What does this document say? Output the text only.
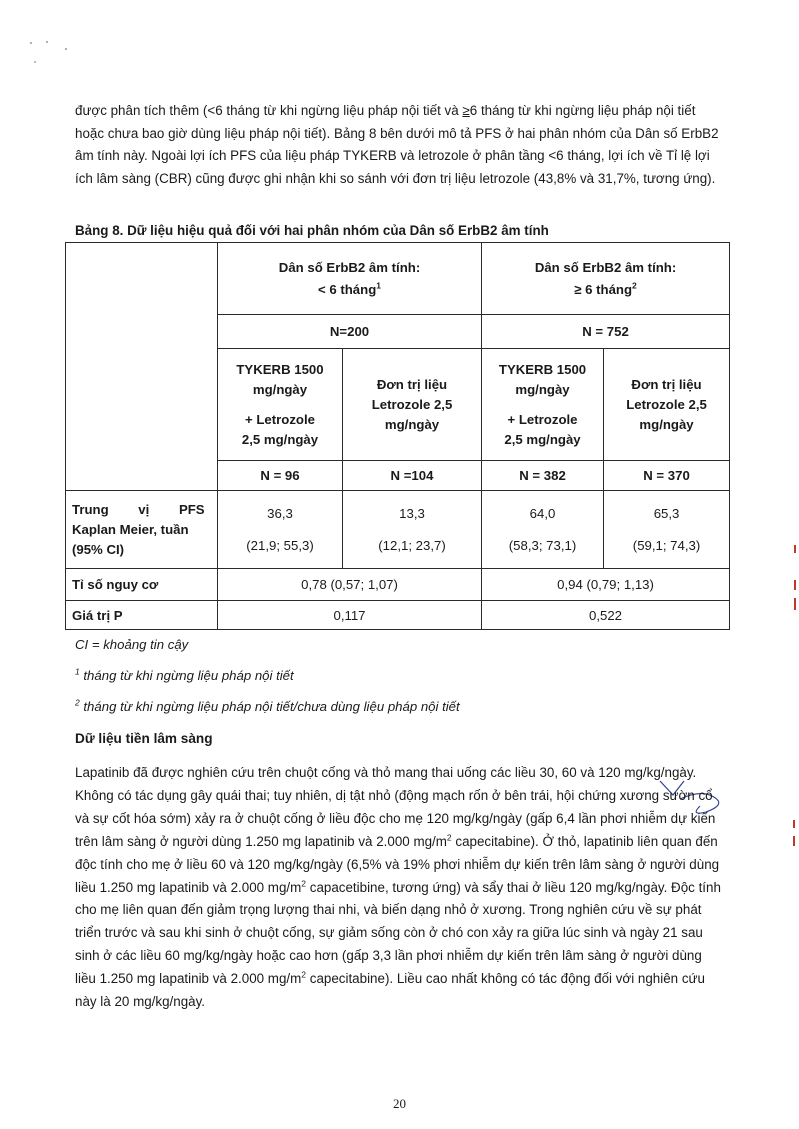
được phân tích thêm (<6 tháng từ khi ngừng liệu pháp nội tiết và ≥6 tháng từ khi ngừng liệu pháp nội tiết hoặc chưa bao giờ dùng liệu pháp nội tiết). Bảng 8 bên dưới mô tả PFS ở hai phân nhóm của Dân số ErbB2 âm tính này. Ngoài lợi ích PFS của liệu pháp TYKERB và letrozole ở phân tầng <6 tháng, lợi ích về Tỉ lệ lợi ích lâm sàng (CBR) cũng được ghi nhận khi so sánh với đơn trị liệu letrozole (43,8% và 31,7%, tương ứng).

Bảng 8. Dữ liệu hiệu quả đối với hai phân nhóm của Dân số ErbB2 âm tính

	Dân số ErbB2 âm tính:
< 6 tháng$^1$		Dân số ErbB2 âm tính:
≥ 6 tháng$^2$

	N=200		N = 752	

	TYKERB 1500
mg/ngày
+ Letrozole
2,5 mg/ngày	Đơn trị liệu
Letrozole 2,5
mg/ngày	TYKERB 1500
mg/ngày
+ Letrozole
2,5 mg/ngày	Đơn trị liệu
Letrozole 2,5
mg/ngày

	N = 96	N =104	N = 382	N = 370

Trung vị PFS
Kaplan Meier, tuần
(95% CI)	36,3
(21,9; 55,3)	13,3
(12,1; 23,7)	64,0
(58,3; 73,1)	65,3
(59,1; 74,3)

Tỉ số nguy cơ	0,78 (0,57; 1,07)		0,94 (0,79; 1,13)	
Giá trị P	0,117		0,522	

CI = khoảng tin cậy

$^1$ tháng từ khi ngừng liệu pháp nội tiết

$^2$ tháng từ khi ngừng liệu pháp nội tiết/chưa dùng liệu pháp nội tiết

Dữ liệu tiền lâm sàng

Lapatinib đã được nghiên cứu trên chuột cống và thỏ mang thai uống các liều 30, 60 và 120 mg/kg/ngày. Không có tác dụng gây quái thai; tuy nhiên, dị tật nhỏ (động mạch rốn ở bên trái, hội chứng xương sườn cổ và sự cốt hóa sớm) xảy ra ở chuột cống ở liều độc cho mẹ 120 mg/kg/ngày (gấp 6,4 lần phơi nhiễm dự kiến trên lâm sàng ở người dùng 1.250 mg lapatinib và 2.000 $mg/m^2$ capecitabine). Ở thỏ, lapatinib liên quan đến độc tính cho mẹ ở liều 60 và 120 mg/kg/ngày (6,5% và 19% phơi nhiễm dự kiến trên lâm sàng ở người dùng liều 1.250 mg lapatinib và 2.000 $mg/m^2$ capacetibine, tương ứng) và sẩy thai ở liều 120 mg/kg/ngày. Độc tính cho mẹ liên quan đến giảm trọng lượng thai nhi, và biến dạng nhỏ ở xương. Trong nghiên cứu về sự phát triển trước và sau khi sinh ở chuột cống, sự giảm sống còn ở chó con xảy ra giữa lúc sinh và ngày 21 sau sinh ở các liều 60 mg/kg/ngày hoặc cao hơn (gấp 3,3 lần phơi nhiễm dự kiến trên lâm sàng ở người dùng liều 1.250 mg lapatinib và 2.000 $mg/m^2$ capecitabine). Liều cao nhất không có tác động đối với nghiên cứu này là 20 mg/kg/ngày.

20
